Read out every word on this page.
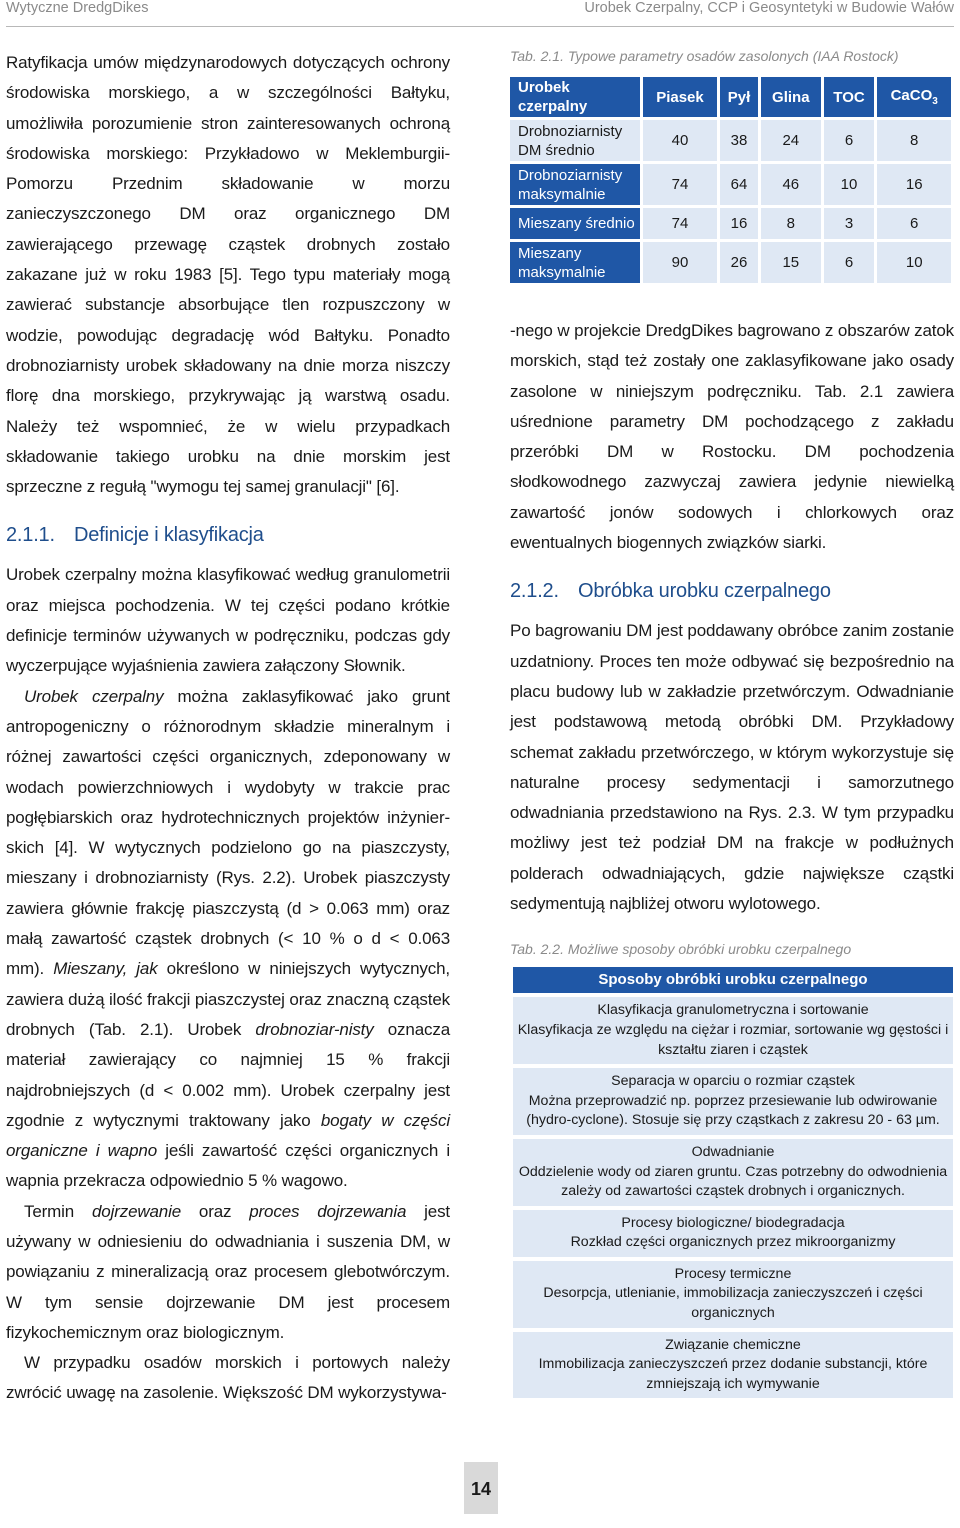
Wytyczne DredgDikes	Urobek Czerpalny, CCP i Geosyntetyki w Budowie Wałów

Ratyfikacja umów międzynarodowych dotyczących ochrony środowiska morskiego, a w szczególności Bałtyku, umożliwiła porozumienie stron zainteresowanych ochroną środowiska morskiego: Przykładowo w Meklemburgii-Pomorzu Przednim składowanie w morzu zanieczyszczonego DM oraz organicznego DM zawierającego przewagę cząstek drobnych zostało zakazane już w roku 1983 [5]. Tego typu materiały mogą zawierać substancje absorbujące tlen rozpuszczony w wodzie, powodując degradację wód Bałtyku. Ponadto drobnoziarnisty urobek składowany na dnie morza niszczy florę dna morskiego, przykrywając ją warstwą osadu. Należy też wspomnieć, że w wielu przypadkach składowanie takiego urobku na dnie morskim jest sprzeczne z regułą "wymogu tej samej granulacji" [6].

2.1.1. Definicje i klasyfikacja

Urobek czerpalny można klasyfikować według granulometrii oraz miejsca pochodzenia. W tej części podano krótkie definicje terminów używanych w podręczniku, podczas gdy wyczerpujące wyjaśnienia zawiera załączony Słownik.

Urobek czerpalny można zaklasyfikować jako grunt antropogeniczny o różnorodnym składzie mineralnym i różnej zawartości części organicznych, zdeponowany w wodach powierzchniowych i wydobyty w trakcie prac pogłębiarskich oraz hydrotechnicznych projektów inżynier-skich [4]. W wytycznych podzielono go na piaszczysty, mieszany i drobnoziarnisty (Rys. 2.2). Urobek piaszczysty zawiera głównie frakcję piaszczystą (d > 0.063 mm) oraz małą zawartość cząstek drobnych (< 10 % o d < 0.063 mm). Mieszany, jak określono w niniejszych wytycznych, zawiera dużą ilość frakcji piaszczystej oraz znaczną cząstek drobnych (Tab. 2.1). Urobek drobnoziar-nisty oznacza materiał zawierający co najmniej 15 % frakcji najdrobniejszych (d < 0.002 mm). Urobek czerpalny jest zgodnie z wytycznymi traktowany jako bogaty w części organiczne i wapno jeśli zawartość części organicznych i wapnia przekracza odpowiednio 5 % wagowo.

Termin dojrzewanie oraz proces dojrzewania jest używany w odniesieniu do odwadniania i suszenia DM, w powiązaniu z mineralizacją oraz procesem glebotwórczym. W tym sensie dojrzewanie DM jest procesem fizykochemicznym oraz biologicznym.

W przypadku osadów morskich i portowych należy zwrócić uwagę na zasolenie. Większość DM wykorzystywa-

Tab. 2.1. Typowe parametry osadów zasolonych (IAA Rostock)
Urobek czerpalny	Piasek	Pył	Glina	TOC	CaCO$_3$
Drobnoziarnisty DM średnio	40	38	24	6	8
Drobnoziarnisty maksymalnie	74	64	46	10	16
Mieszany średnio	74	16	8	3	6
Mieszany maksymalnie	90	26	15	6	10

-nego w projekcie DredgDikes bagrowano z obszarów zatok morskich, stąd też zostały one zaklasyfikowane jako osady zasolone w niniejszym podręczniku. Tab. 2.1 zawiera uśrednione parametry DM pochodzącego z zakładu przeróbki DM w Rostocku. DM pochodzenia słodkowodnego zazwyczaj zawiera jedynie niewielką zawartość jonów sodowych i chlorkowych oraz ewentualnych biogennych związków siarki.

2.1.2. Obróbka urobku czerpalnego

Po bagrowaniu DM jest poddawany obróbce zanim zostanie uzdatniony. Proces ten może odbywać się bezpośrednio na placu budowy lub w zakładzie przetwórczym. Odwadnianie jest podstawową metodą obróbki DM. Przykładowy schemat zakładu przetwórczego, w którym wykorzystuje się naturalne procesy sedymentacji i samorzutnego odwadniania przedstawiono na Rys. 2.3. W tym przypadku możliwy jest też podział DM na frakcje w podłużnych polderach odwadniających, gdzie największe cząstki sedymentują najbliżej otworu wylotowego.

Tab. 2.2. Możliwe sposoby obróbki urobku czerpalnego
Sposoby obróbki urobku czerpalnego
Klasyfikacja granulometryczna i sortowanie
Klasyfikacja ze względu na ciężar i rozmiar, sortowanie wg gęstości i kształtu ziaren i cząstek
Separacja w oparciu o rozmiar cząstek
Można przeprowadzić np. poprzez przesiewanie lub odwirowanie (hydro-cyclone). Stosuje się przy cząstkach z zakresu 20 - 63 µm.
Odwadnianie
Oddzielenie wody od ziaren gruntu. Czas potrzebny do odwodnienia zależy od zawartości cząstek drobnych i organicznych.
Procesy biologiczne/ biodegradacja
Rozkład części organicznych przez mikroorganizmy
Procesy termiczne
Desorpcja, utlenianie, immobilizacja zanieczyszczeń i części organicznych
Związanie chemiczne
Immobilizacja zanieczyszczeń przez dodanie substancji, które zmniejszają ich wymywanie
14
